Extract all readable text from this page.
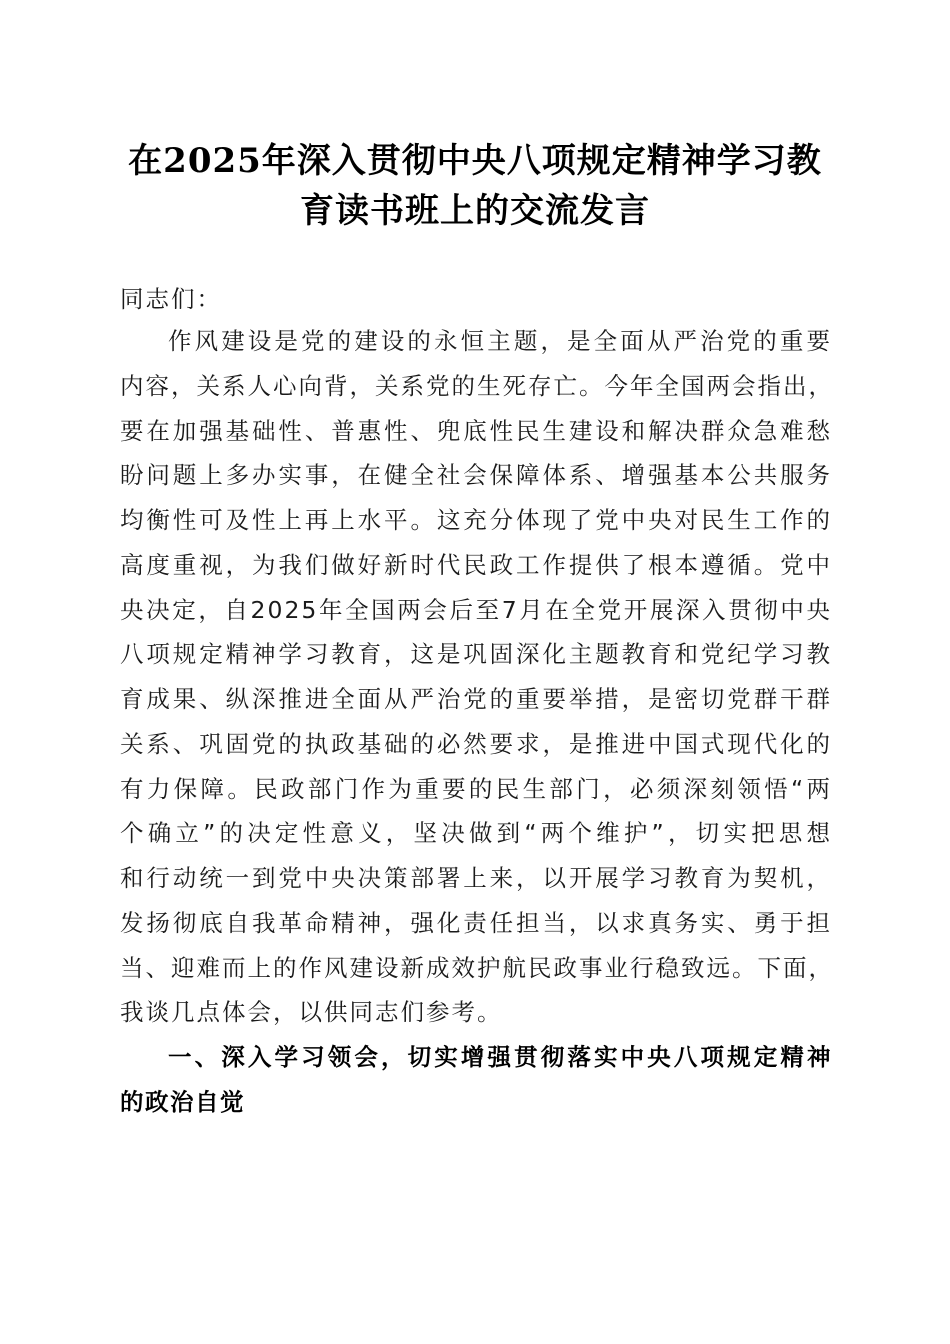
在2025年深入贯彻中央八项规定精神学习教
育读书班上的交流发言
同志们：
作风建设是党的建设的永恒主题，是全面从严治党的重要
内容，关系人心向背，关系党的生死存亡。今年全国两会指出，
要在加强基础性、普惠性、兜底性民生建设和解决群众急难愁
盼问题上多办实事，在健全社会保障体系、增强基本公共服务
均衡性可及性上再上水平。这充分体现了党中央对民生工作的
高度重视，为我们做好新时代民政工作提供了根本遵循。党中
央决定，自2025年全国两会后至7月在全党开展深入贯彻中央
八项规定精神学习教育，这是巩固深化主题教育和党纪学习教
育成果、纵深推进全面从严治党的重要举措，是密切党群干群
关系、巩固党的执政基础的必然要求，是推进中国式现代化的
有力保障。民政部门作为重要的民生部门，必须深刻领悟“两
个确立”的决定性意义，坚决做到“两个维护”，切实把思想
和行动统一到党中央决策部署上来，以开展学习教育为契机，
发扬彻底自我革命精神，强化责任担当，以求真务实、勇于担
当、迎难而上的作风建设新成效护航民政事业行稳致远。下面，
我谈几点体会，以供同志们参考。
一、深入学习领会，切实增强贯彻落实中央八项规定精神
的政治自觉
